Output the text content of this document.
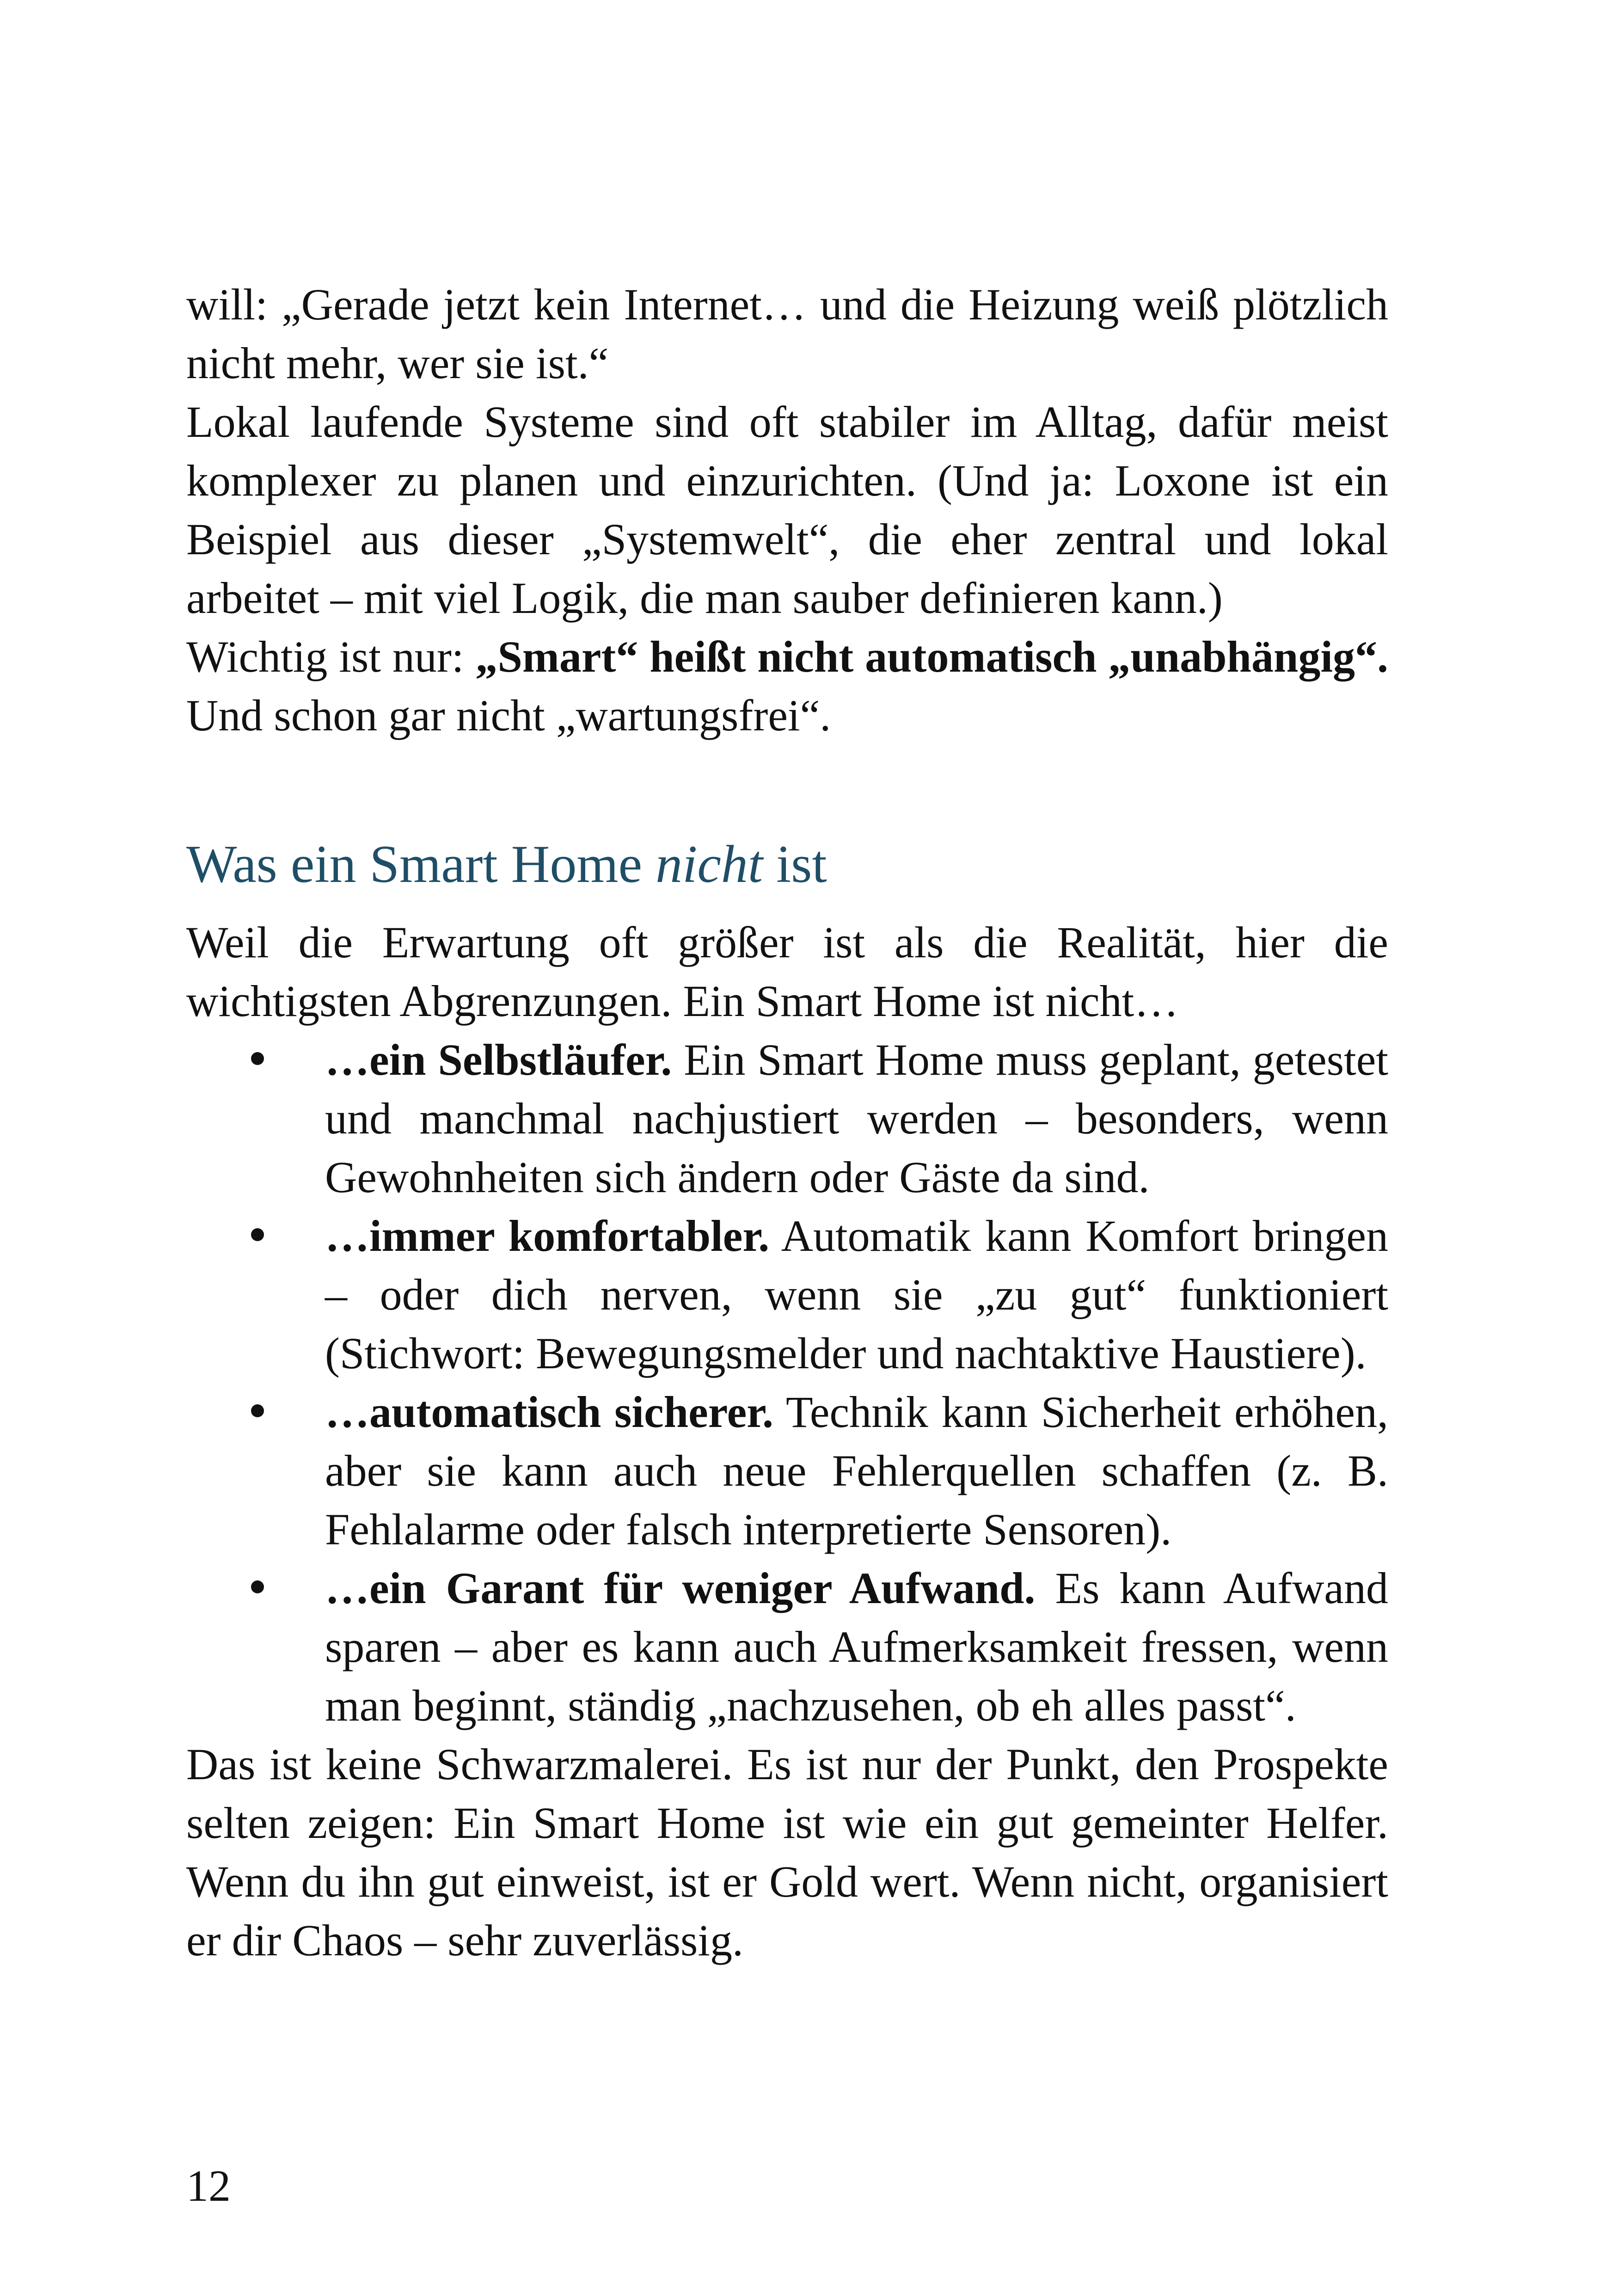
will: „Gerade jetzt kein Internet… und die Heizung weiß plötzlich nicht mehr, wer sie ist.“

Lokal laufende Systeme sind oft stabiler im Alltag, dafür meist komplexer zu planen und einzurichten. (Und ja: Loxone ist ein Beispiel aus dieser „Systemwelt“, die eher zentral und lokal arbeitet – mit viel Logik, die man sauber definieren kann.)

Wichtig ist nur: „Smart“ heißt nicht automatisch „unabhängig“. Und schon gar nicht „wartungsfrei“.

Was ein Smart Home nicht ist

Weil die Erwartung oft größer ist als die Realität, hier die wichtigsten Abgrenzungen. Ein Smart Home ist nicht…

…ein Selbstläufer. Ein Smart Home muss geplant, getestet und manchmal nachjustiert werden – besonders, wenn Gewohnheiten sich ändern oder Gäste da sind.
…immer komfortabler. Automatik kann Komfort bringen – oder dich nerven, wenn sie „zu gut“ funktioniert (Stichwort: Bewegungsmelder und nachtaktive Haustiere).
…automatisch sicherer. Technik kann Sicherheit erhöhen, aber sie kann auch neue Fehlerquellen schaffen (z. B. Fehlalarme oder falsch interpretierte Sensoren).
…ein Garant für weniger Aufwand. Es kann Aufwand sparen – aber es kann auch Aufmerksamkeit fressen, wenn man beginnt, ständig „nachzusehen, ob eh alles passt“.

Das ist keine Schwarzmalerei. Es ist nur der Punkt, den Prospekte selten zeigen: Ein Smart Home ist wie ein gut gemeinter Helfer. Wenn du ihn gut einweist, ist er Gold wert. Wenn nicht, organisiert er dir Chaos – sehr zuverlässig.

12
